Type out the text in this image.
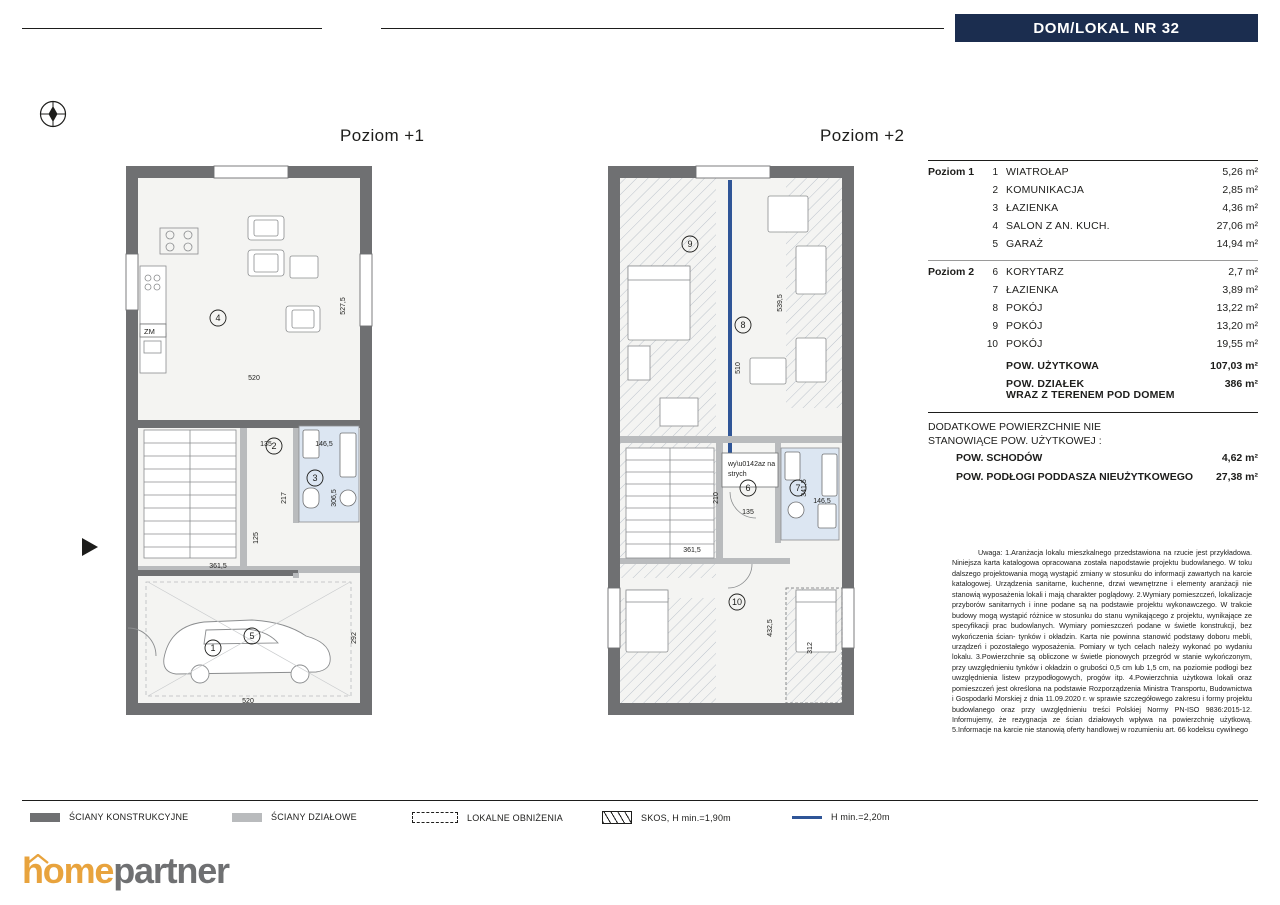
DOM/LOKAL NR 32
Poziom +1	Poziom +2
ZM
1
2
3
4
5
527,5
520
135	146,5
217	306,5
125
361,5
292
520
wy\u0142az na
strych
6	7
8
9
10
539,5
510
210
135
341,5
146,5
361,5
432,5
312
Poziom 1	1 WIATROŁAP	5,26 m²
2 KOMUNIKACJA	2,85 m²
3 ŁAZIENKA	4,36 m²
4 SALON Z AN. KUCH.	27,06 m²
5 GARAŻ	14,94 m²
Poziom 2	6 KORYTARZ	2,7 m²
7 ŁAZIENKA	3,89 m²
8 POKÓJ	13,22 m²
9 POKÓJ	13,20 m²
10 POKÓJ	19,55 m²
POW. UŻYTKOWA	107,03 m²
POW. DZIAŁEK	386 m²
WRAZ Z TERENEM POD DOMEM
DODATKOWE POWIERZCHNIE NIE
STANOWIĄCE POW. UŻYTKOWEJ :
POW. SCHODÓW	4,62 m²
POW. PODŁOGI PODDASZA NIEUŻYTKOWEGO	27,38 m²
Uwaga: 1.Aranżacja lokalu mieszkalnego przedstawiona na rzucie jest przykładowa. Niniejsza karta katalogowa opracowana została napodstawie projektu budowlanego. W toku dalszego projektowania mogą wystąpić zmiany w stosunku do informacji zawartych na karcie katalogowej. Urządzenia sanitarne, kuchenne, drzwi wewnętrzne i elementy aranżacji nie stanowią wyposażenia lokali i mają charakter poglądowy. 2.Wymiary pomieszczeń, lokalizacje przyborów sanitarnych i inne podane są na podstawie projektu wykonawczego. W trakcie budowy mogą wystąpić różnice w stosunku do stanu wynikającego z projektu, wynikające ze specyfikacji prac budowlanych. Wymiary pomieszczeń podane w świetle konstrukcji, bez wykończenia ścian- tynków i okładzin. Karta nie powinna stanowić podstawy doboru mebli, urządzeń i pozostałego wyposażenia. Pomiary w tych celach należy wykonać po wydaniu lokalu. 3.Powierzchnie są obliczone w świetle pionowych przegród w stanie wykończonym, przy uwzględnieniu tynków i okładzin o grubości 0,5 cm lub 1,5 cm, na poziomie podłogi bez uwzględnienia listew przypodłogowych, progów itp. 4.Powierzchnia użytkowa lokali oraz pomieszczeń jest określona na podstawie Rozporządzenia Ministra Transportu, Budownictwa i Gospodarki Morskiej z dnia 11.09.2020 r. w sprawie szczegółowego zakresu i formy projektu budowlanego oraz przy uwzględnieniu treści Polskiej Normy PN-ISO 9836:2015-12. Informujemy, że rezygnacja ze ścian działowych wpływa na powierzchnię użytkową. 5.Informacje na karcie nie stanowią oferty handlowej w rozumieniu art. 66 kodeksu cywilnego
ŚCIANY KONSTRUKCYJNE	ŚCIANY DZIAŁOWE	LOKALNE OBNIŻENIA	SKOS, H min.=1,90m	H min.=2,20m
home partner
